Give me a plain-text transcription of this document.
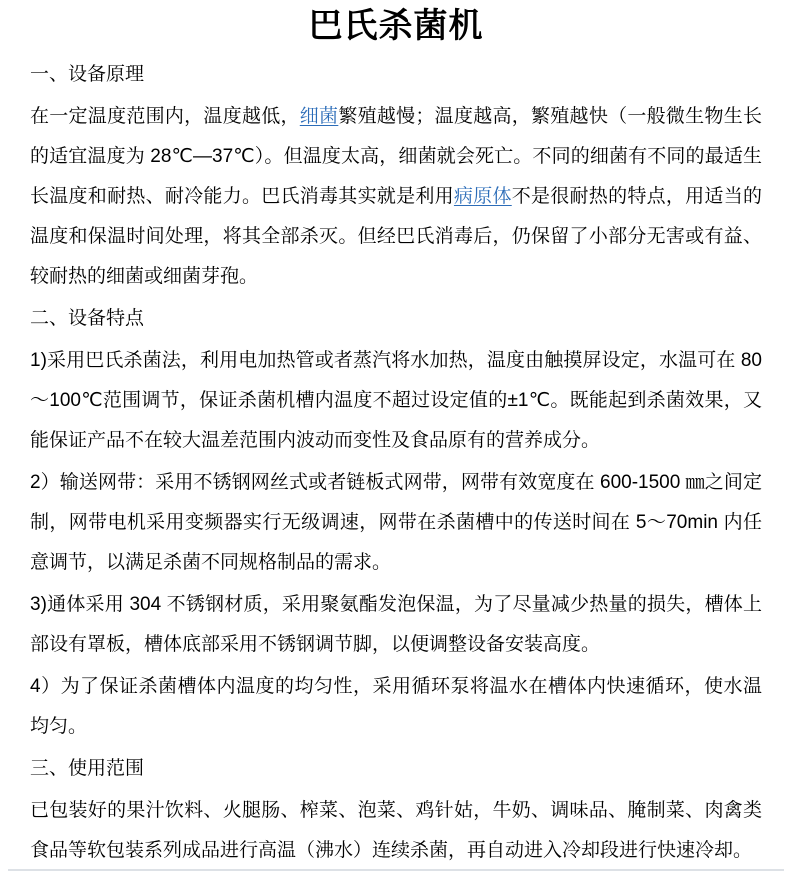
巴氏杀菌机

一、设备原理

在一定温度范围内，温度越低，细菌繁殖越慢；温度越高，繁殖越快（一般微生物生长的适宜温度为 28℃—37℃）。但温度太高，细菌就会死亡。不同的细菌有不同的最适生长温度和耐热、耐冷能力。巴氏消毒其实就是利用病原体不是很耐热的特点，用适当的温度和保温时间处理，将其全部杀灭。但经巴氏消毒后，仍保留了小部分无害或有益、较耐热的细菌或细菌芽孢。

二、设备特点

1)采用巴氏杀菌法，利用电加热管或者蒸汽将水加热，温度由触摸屏设定，水温可在 80～100℃范围调节，保证杀菌机槽内温度不超过设定值的±1℃。既能起到杀菌效果，又能保证产品不在较大温差范围内波动而变性及食品原有的营养成分。

2）输送网带：采用不锈钢网丝式或者链板式网带，网带有效宽度在 600-1500 ㎜之间定制，网带电机采用变频器实行无级调速，网带在杀菌槽中的传送时间在 5～70min 内任意调节，以满足杀菌不同规格制品的需求。

3)通体采用 304 不锈钢材质，采用聚氨酯发泡保温，为了尽量减少热量的损失，槽体上部设有罩板，槽体底部采用不锈钢调节脚，以便调整设备安装高度。

4）为了保证杀菌槽体内温度的均匀性，采用循环泵将温水在槽体内快速循环，使水温均匀。

三、使用范围

已包装好的果汁饮料、火腿肠、榨菜、泡菜、鸡针姑，牛奶、调味品、腌制菜、肉禽类食品等软包装系列成品进行高温（沸水）连续杀菌，再自动进入冷却段进行快速冷却。
